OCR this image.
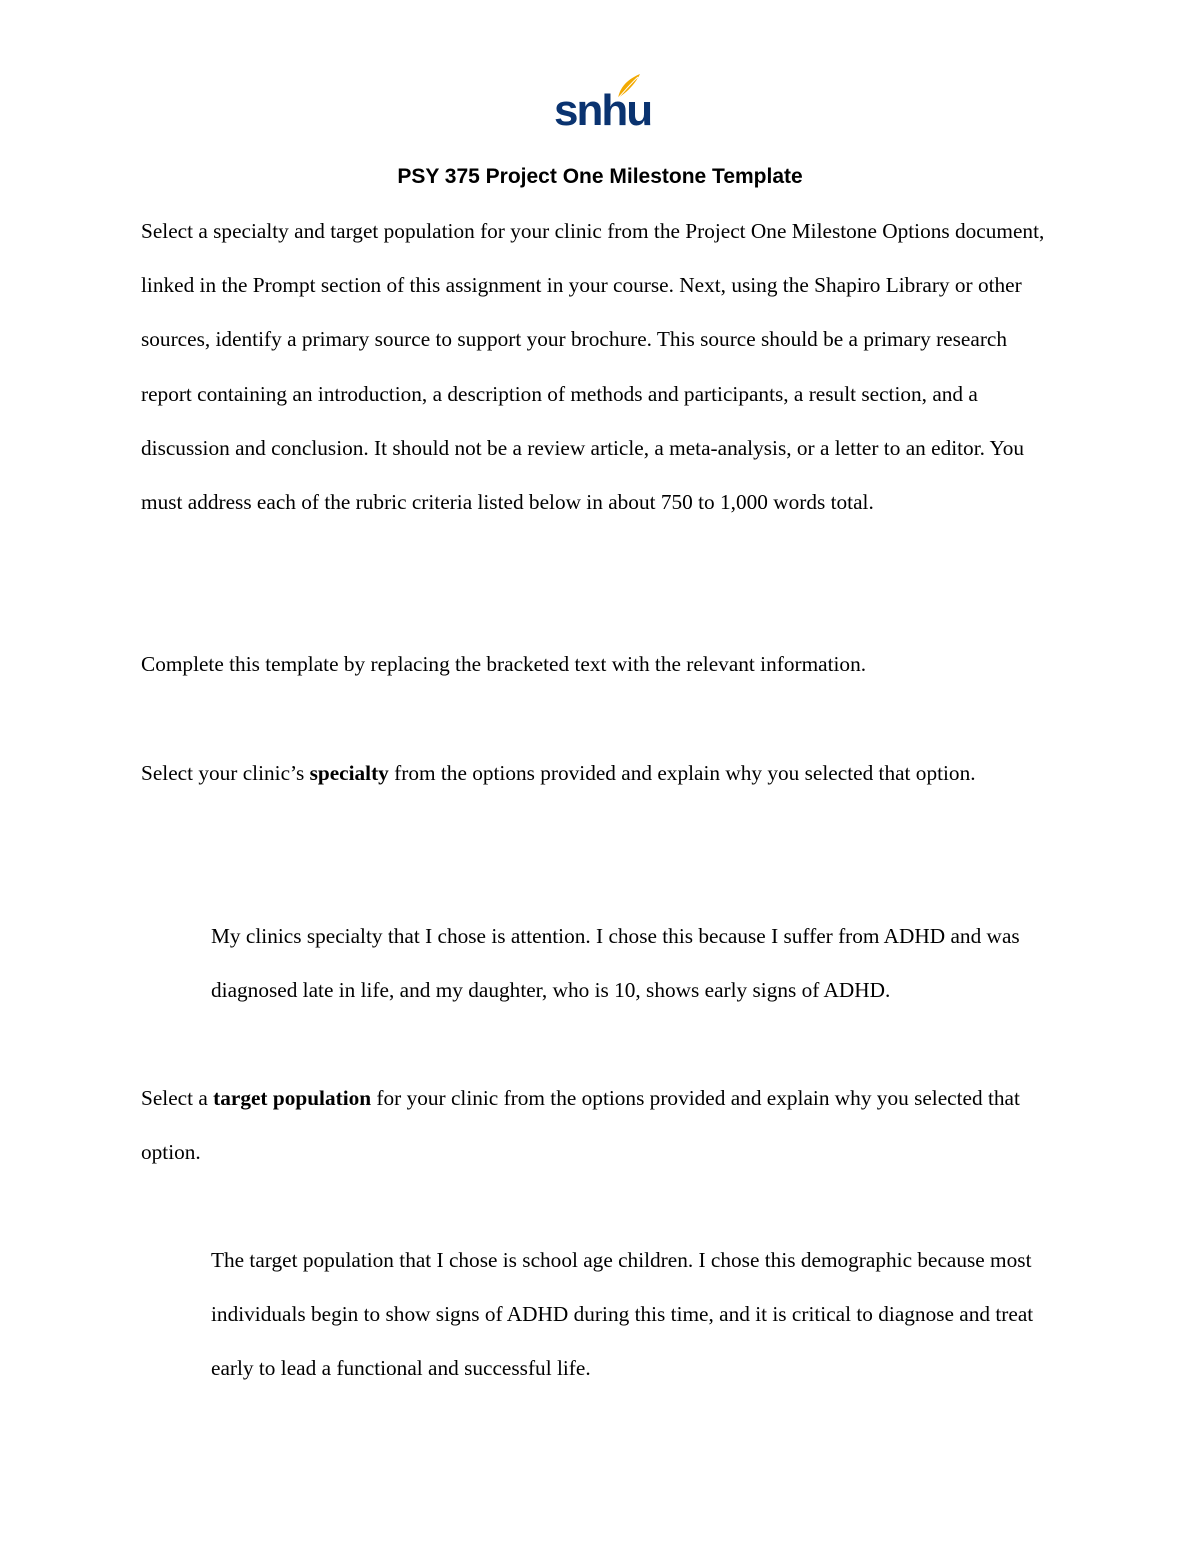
snhu
PSY 375 Project One Milestone Template

Select a specialty and target population for your clinic from the Project One Milestone Options document, linked in the Prompt section of this assignment in your course. Next, using the Shapiro Library or other sources, identify a primary source to support your brochure. This source should be a primary research report containing an introduction, a description of methods and participants, a result section, and a discussion and conclusion. It should not be a review article, a meta-analysis, or a letter to an editor. You must address each of the rubric criteria listed below in about 750 to 1,000 words total.

Complete this template by replacing the bracketed text with the relevant information.

Select your clinic’s specialty from the options provided and explain why you selected that option.

My clinics specialty that I chose is attention. I chose this because I suffer from ADHD and was diagnosed late in life, and my daughter, who is 10, shows early signs of ADHD.

Select a target population for your clinic from the options provided and explain why you selected that option.

The target population that I chose is school age children. I chose this demographic because most individuals begin to show signs of ADHD during this time, and it is critical to diagnose and treat early to lead a functional and successful life.
